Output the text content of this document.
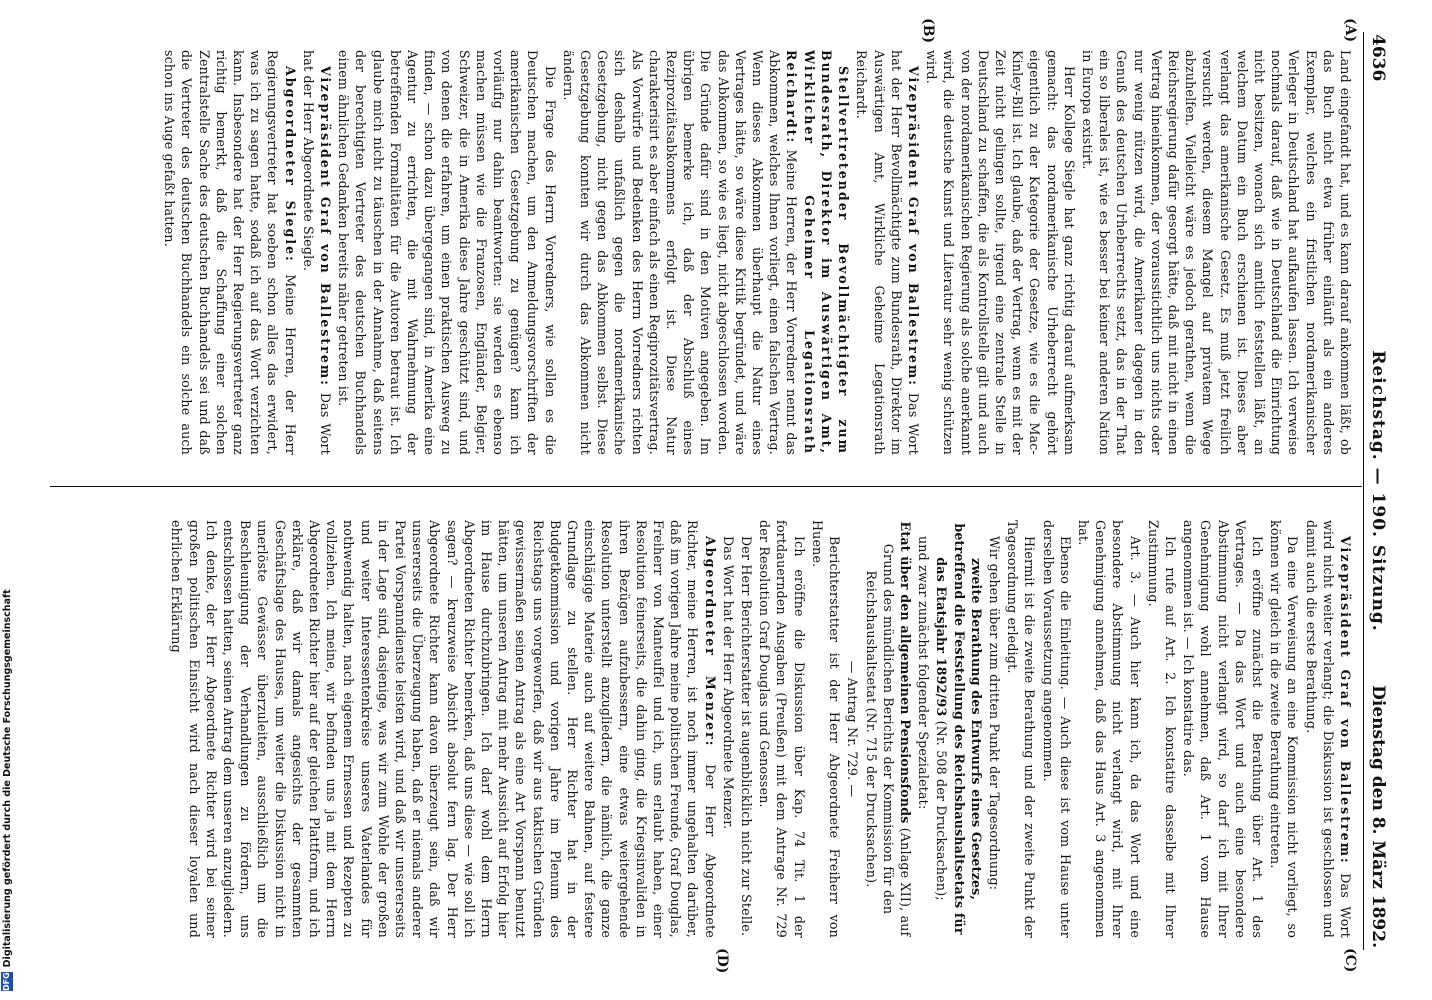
4636
Reichstag. — 190. Sitzung.
Dienstag den 8. März 1892.
(A)
(B)
(C)
(D)

Land eingefandt hat, und es kann darauf ankommen läßt, ob das Buch nicht etwa früher einläuft als ein anderes Exemplar, welches ein fristlichen nordamerikanischer Verleger in Deutschland hat aufkaufen lassen. Ich verweise nochmals darauf, daß wie in Deutschland die Einrichtung nicht besitzen, wonach sich amtlich feststellen läßt, an welchem Datum ein Buch erschienen ist. Dieses aber verlangt das amerikanische Gesetz. Es muß jetzt freilich versucht werden, diesem Mangel auf privatem Wege abzuhelfen. Vielleicht wäre es jedoch gerathen, wenn die Reichsregierung dafür gesorgt hätte, daß mit nicht in einen Vertrag hineinkommen, der vorausstichtlich uns nichts oder nur wenig nützen wird, die Amerikaner dagegen in den Genuß des deutschen Urheberrechts setzt, das in der That ein so liberales ist, wie es besser bei keiner anderen Nation in Europa existirt.

Herr Kollege Siegle hat ganz richtig darauf aufmerksam gemacht: das nordamerikanische Urheberrecht gehört eigentlich zu der Kategorie der Gesetze, wie es die Mac-Kinley-Bill ist. Ich glaube, daß der Vertrag, wenn es mit der Zeit nicht gelingen sollte, irgend eine zentrale Stelle in Deutschland zu schaffen, die als Kontrollstelle gilt und auch von der nordamerikanischen Regierung als solche anerkannt wird, die deutsche Kunst und Literatur sehr wenig schützen wird.

Vizepräsident Graf von Ballestrem: Das Wort hat der Herr Bevollmächtigte zum Bundesrath, Direktor im Auswärtigen Amt, Wirkliche Geheime Legationsrath Reichardt.

Stellvertretender Bevollmächtigter zum Bundesrath, Direktor im Auswärtigen Amt, Wirklicher Geheimer Legationsrath Reichardt: Meine Herren, der Herr Vorredner nennt das Abkommen, welches Ihnen vorliegt, einen falschen Vertrag. Wenn dieses Abkommen überhaupt die Natur eines Vertrages hätte, so wäre diese Kritik begründet, und wäre das Abkommen, so wie es liegt, nicht abgeschlossen worden. Die Gründe dafür sind in den Motiven angegeben. Im übrigen bemerke ich, daß der Abschluß eines Reziprozitätsabkommens erfolgt ist. Diese Natur charakterisirt es aber einfach als einen Regiprozitätsvertrag. Als Vorwürfe und Bedenken des Herrn Vorredners richten sich deshalb unfaßlich gegen die nordamerikanische Gesetzgebung, nicht gegen das Abkommen selbst. Diese Gesetzgebung konnten wir durch das Abkommen nicht ändern.

Die Frage des Herrn Vorredners, wie sollen es die Deutschen machen, um den Anmeldungsvorschriften der amerikanischen Gesetzgebung zu genügen? kann ich vorläufig nur dahin beantworten: sie werden es ebenso machen müssen wie die Franzosen, Engländer, Belgier, Schweizer, die in Amerika diese Jahre geschützt sind, und von denen die erfahren, um einen praktischen Ausweg zu finden, — schon dazu übergegangen sind, in Amerika eine Agentur zu errichten, die mit Wahrnehmung der betreffenden Formalitäten für die Autoren betraut ist. Ich glaube mich nicht zu täuschen in der Annahme, daß seitens der berechtigten Vertreter des deutschen Buchhandels einem ähnlichen Gedanken bereits näher getreten ist.

Vizepräsident Graf von Ballestrem: Das Wort hat der Herr Abgeordnete Siegle.

Abgeordneter Siegle: Meine Herren, der Herr Regierungsvertreter hat soeben schon alles das erwidert, was ich zu sagen hatte, sodaß ich auf das Wort verzichten kann. Insbesondere hat der Herr Regierungsvertreter ganz richtig bemerkt, daß die Schaffung einer solchen Zentralstelle Sache des deutschen Buchhandels sei und daß die Vertreter des deutschen Buchhandels ein solche auch schon ins Auge gefaßt hatten.

Vizepräsident Graf von Ballestrem: Das Wort wird nicht weiter verlangt; die Diskussion ist geschlossen und damit auch die erste Berathung.

Da eine Verweisung an eine Kommission nicht vorliegt, so können wir gleich in die zweite Berathung eintreten.

Ich eröffne zunächst die Berathung über Art. 1 des Vertrages. — Da das Wort und auch eine besondere Abstimmung nicht verlangt wird, so darf ich mit Ihrer Genehmigung wohl annehmen, daß Art. 1 vom Hause angenommen ist. — Ich konstatire das.

Ich rufe auf Art. 2. Ich konstatire dasselbe mit Ihrer Zustimmung.

Art. 3. — Auch hier kann ich, da das Wort und eine besondere Abstimmung nicht verlangt wird, mit Ihrer Genehmigung annehmen, daß das Haus Art. 3 angenommen hat.

Ebenso die Einleitung. — Auch diese ist vom Hause unter derselben Voraussetzung angenommen.

Hiermit ist die zweite Berathung und der zweite Punkt der Tagesordnung erledigt.

Wir gehen über zum dritten Punkt der Tagesordnung:

zweite Berathung des Entwurfs eines Gesetzes, betreffend die Feststellung des Reichshaushaltsetats für das Etatsjahr 1892/93 (Nr. 508 der Drucksachen);

und zwar zunächst folgender Spezialetat:

Etat über den allgemeinen Pensionsfonds (Anlage XII), auf Grund des mündlichen Berichts der Kommission für den Reichshaushaltsetat (Nr. 715 der Drucksachen).

— Antrag Nr. 729. —

Berichterstatter ist der Herr Abgeordnete Freiherr von Huene.

Ich eröffne die Diskussion über Kap. 74 Tit. 1 der fortdauernden Ausgaben (Preußen) mit dem Antrage Nr. 729 der Resolution Graf Douglas und Genossen.

Der Herr Berichterstatter ist augenblicklich nicht zur Stelle.

Das Wort hat der Herr Abgeordnete Menzer.

Abgeordneter Menzer: Der Herr Abgeordnete Richter, meine Herren, ist noch immer ungehalten darüber, daß im vorigen Jahre meine politischen Freunde, Graf Douglas, Freiherr von Manteuffel und ich, uns erlaubt haben, einer Resolution feinerseits, die dahin ging, die Kriegsinvaliden in ihren Bezügen aufzubessern, eine etwas weitergehende Resolution unterstellt anzugliedern, die nämlich, die ganze einschlägige Materie auch auf weitere Bahnen, auf festere Grundlage zu stellen. Herr Richter hat in der Budgetkommission und vorigen Jahre im Plenum des Reichstags uns vorgeworfen, daß wir aus taktischen Gründen gewissermaßen seinen Antrag als eine Art Vorspann benutzt hätten, um unseren Antrag mit mehr Aussicht auf Erfolg hier im Hause durchzubringen. Ich darf wohl dem Herrn Abgeordneten Richter bemerken, daß uns diese — wie soll ich sagen? — kreuzweise Absicht absolut fern lag. Der Herr Abgeordnete Richter kann davon überzeugt sein, daß wir unsererseits die Überzeugung haben, daß er niemals anderer Partei Vorspanndienste leisten wird, und daß wir unsererseits in der Lage sind, dasjenige, was wir zum Wohle der großen und weiter Interessentenkreise unseres Vaterlandes für nothwendig halten, nach eigenem Ermessen und Rezepten zu vollziehen. Ich meine, wir befinden uns ja mit dem Herrn Abgeordneten Richter hier auf der gleichen Plattform, und ich erkläre, daß wir damals angesichts der gesammten Geschäftslage des Hauses, um weiter die Diskussion nicht in unerlöste Gewässer überzuleiten, ausschließlich um die Beschleunigung der Verhandlungen zu fördern, uns entschlossen hatten, seinen Antrag dem unseren anzugliedern. Ich denke, der Herr Abgeordnete Richter wird bei seiner großen politischen Einsicht wird nach dieser loyalen und ehrlichen Erklärung

DFG
Digitalisierung gefördert durch die Deutsche Forschungsgemeinschaft
